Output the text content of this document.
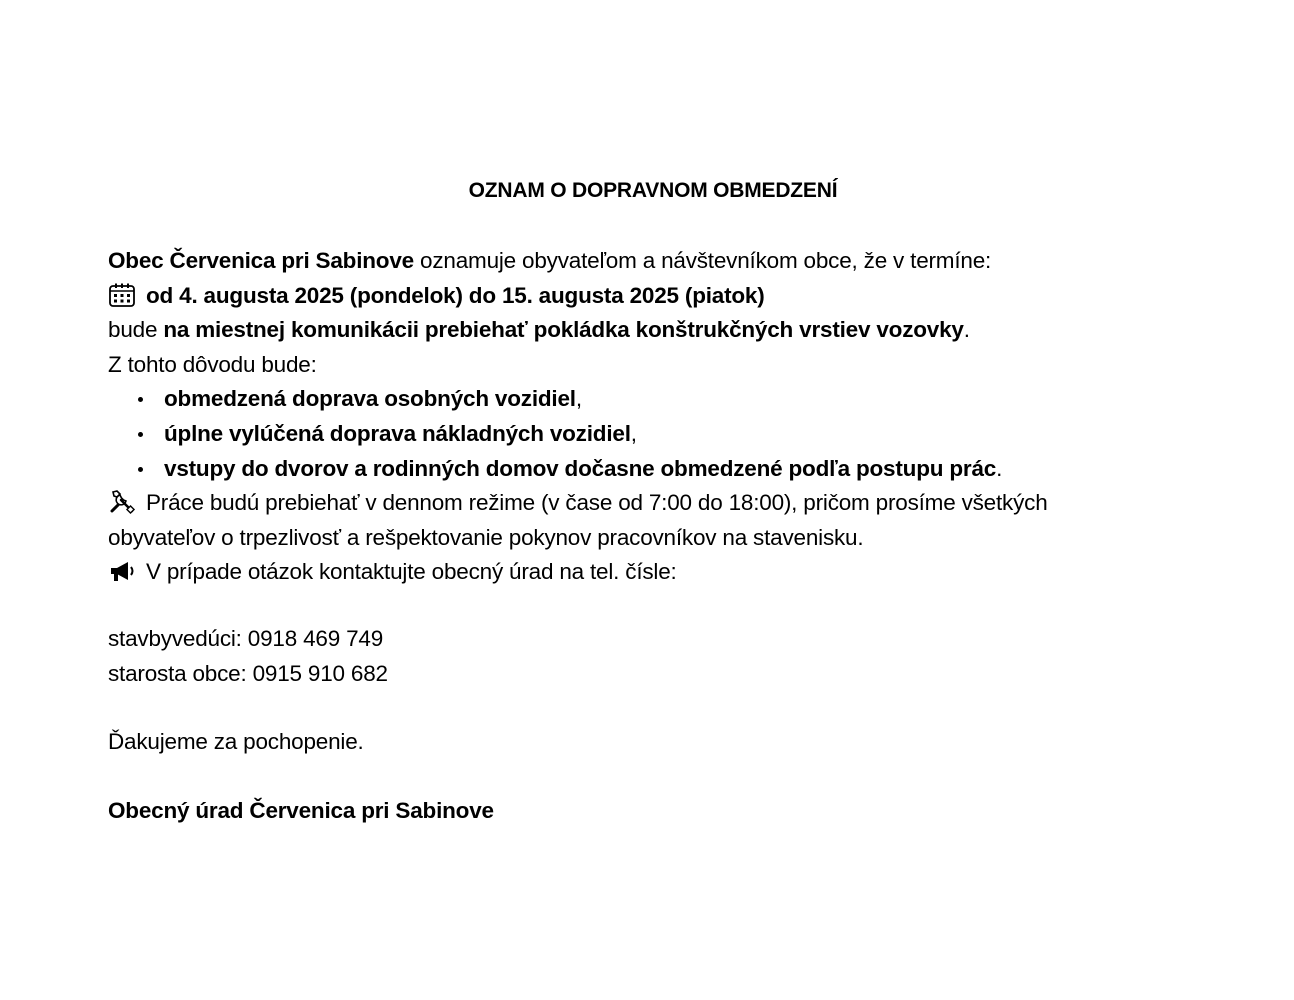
OZNAM O DOPRAVNOM OBMEDZENÍ

Obec Červenica pri Sabinove oznamuje obyvateľom a návštevníkom obce, že v termíne:

od 4. augusta 2025 (pondelok) do 15. augusta 2025 (piatok)

bude na miestnej komunikácii prebiehať pokládka konštrukčných vrstiev vozovky.

Z tohto dôvodu bude:

obmedzená doprava osobných vozidiel,
úplne vylúčená doprava nákladných vozidiel,
vstupy do dvorov a rodinných domov dočasne obmedzené podľa postupu prác.

Práce budú prebiehať v dennom režime (v čase od 7:00 do 18:00), pričom prosíme všetkých

obyvateľov o trpezlivosť a rešpektovanie pokynov pracovníkov na stavenisku.

V prípade otázok kontaktujte obecný úrad na tel. čísle:

stavbyvedúci: 0918 469 749

starosta obce: 0915 910 682

Ďakujeme za pochopenie.

Obecný úrad Červenica pri Sabinove
